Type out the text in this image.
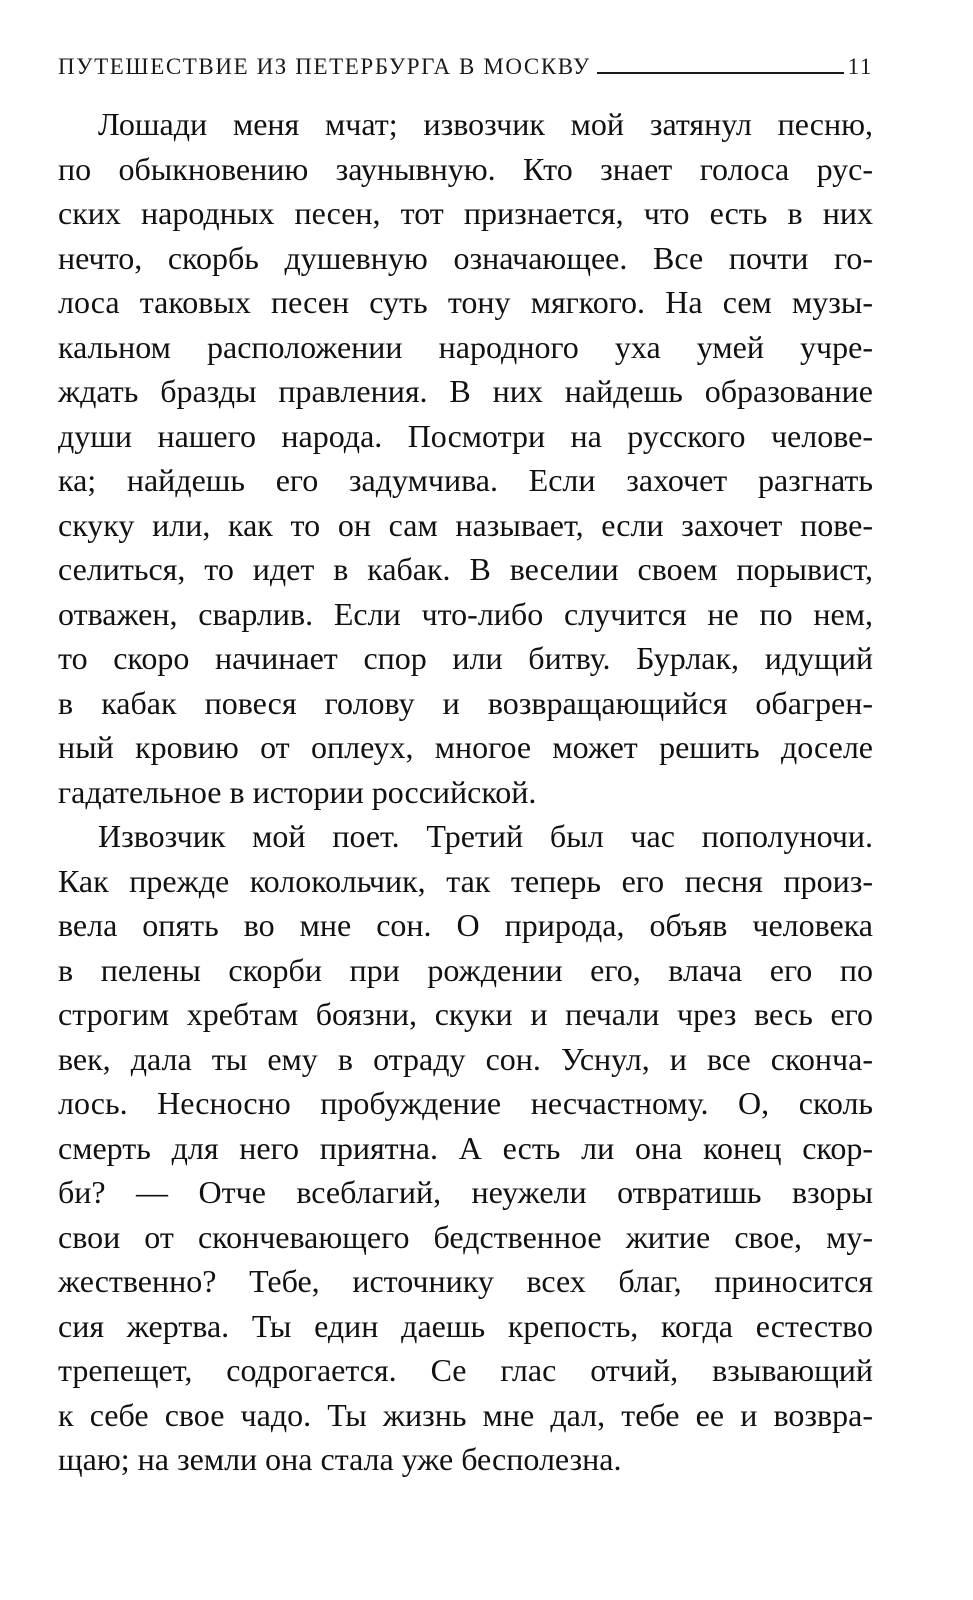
ПУТЕШЕСТВИЕ ИЗ ПЕТЕРБУРГА В МОСКВУ	11
Лошади меня мчат; извозчик мой затянул песню,
по обыкновению заунывную. Кто знает голоса рус-
ских народных песен, тот признается, что есть в них
нечто, скорбь душевную означающее. Все почти го-
лоса таковых песен суть тону мягкого. На сем музы-
кальном расположении народного уха умей учре-
ждать бразды правления. В них найдешь образование
души нашего народа. Посмотри на русского челове-
ка; найдешь его задумчива. Если захочет разгнать
скуку или, как то он сам называет, если захочет пове-
селиться, то идет в кабак. В веселии своем порывист,
отважен, сварлив. Если что-либо случится не по нем,
то скоро начинает спор или битву. Бурлак, идущий
в кабак повеся голову и возвращающийся обагрен-
ный кровию от оплеух, многое может решить доселе
гадательное в истории российской.
Извозчик мой поет. Третий был час пополуночи.
Как прежде колокольчик, так теперь его песня произ-
вела опять во мне сон. О природа, объяв человека
в пелены скорби при рождении его, влача его по
строгим хребтам боязни, скуки и печали чрез весь его
век, дала ты ему в отраду сон. Уснул, и все сконча-
лось. Несносно пробуждение несчастному. О, сколь
смерть для него приятна. А есть ли она конец скор-
би? — Отче всеблагий, неужели отвратишь взоры
свои от скончевающего бедственное житие свое, му-
жественно? Тебе, источнику всех благ, приносится
сия жертва. Ты един даешь крепость, когда естество
трепещет, содрогается. Се глас отчий, взывающий
к себе свое чадо. Ты жизнь мне дал, тебе ее и возвра-
щаю; на земли она стала уже бесполезна.
